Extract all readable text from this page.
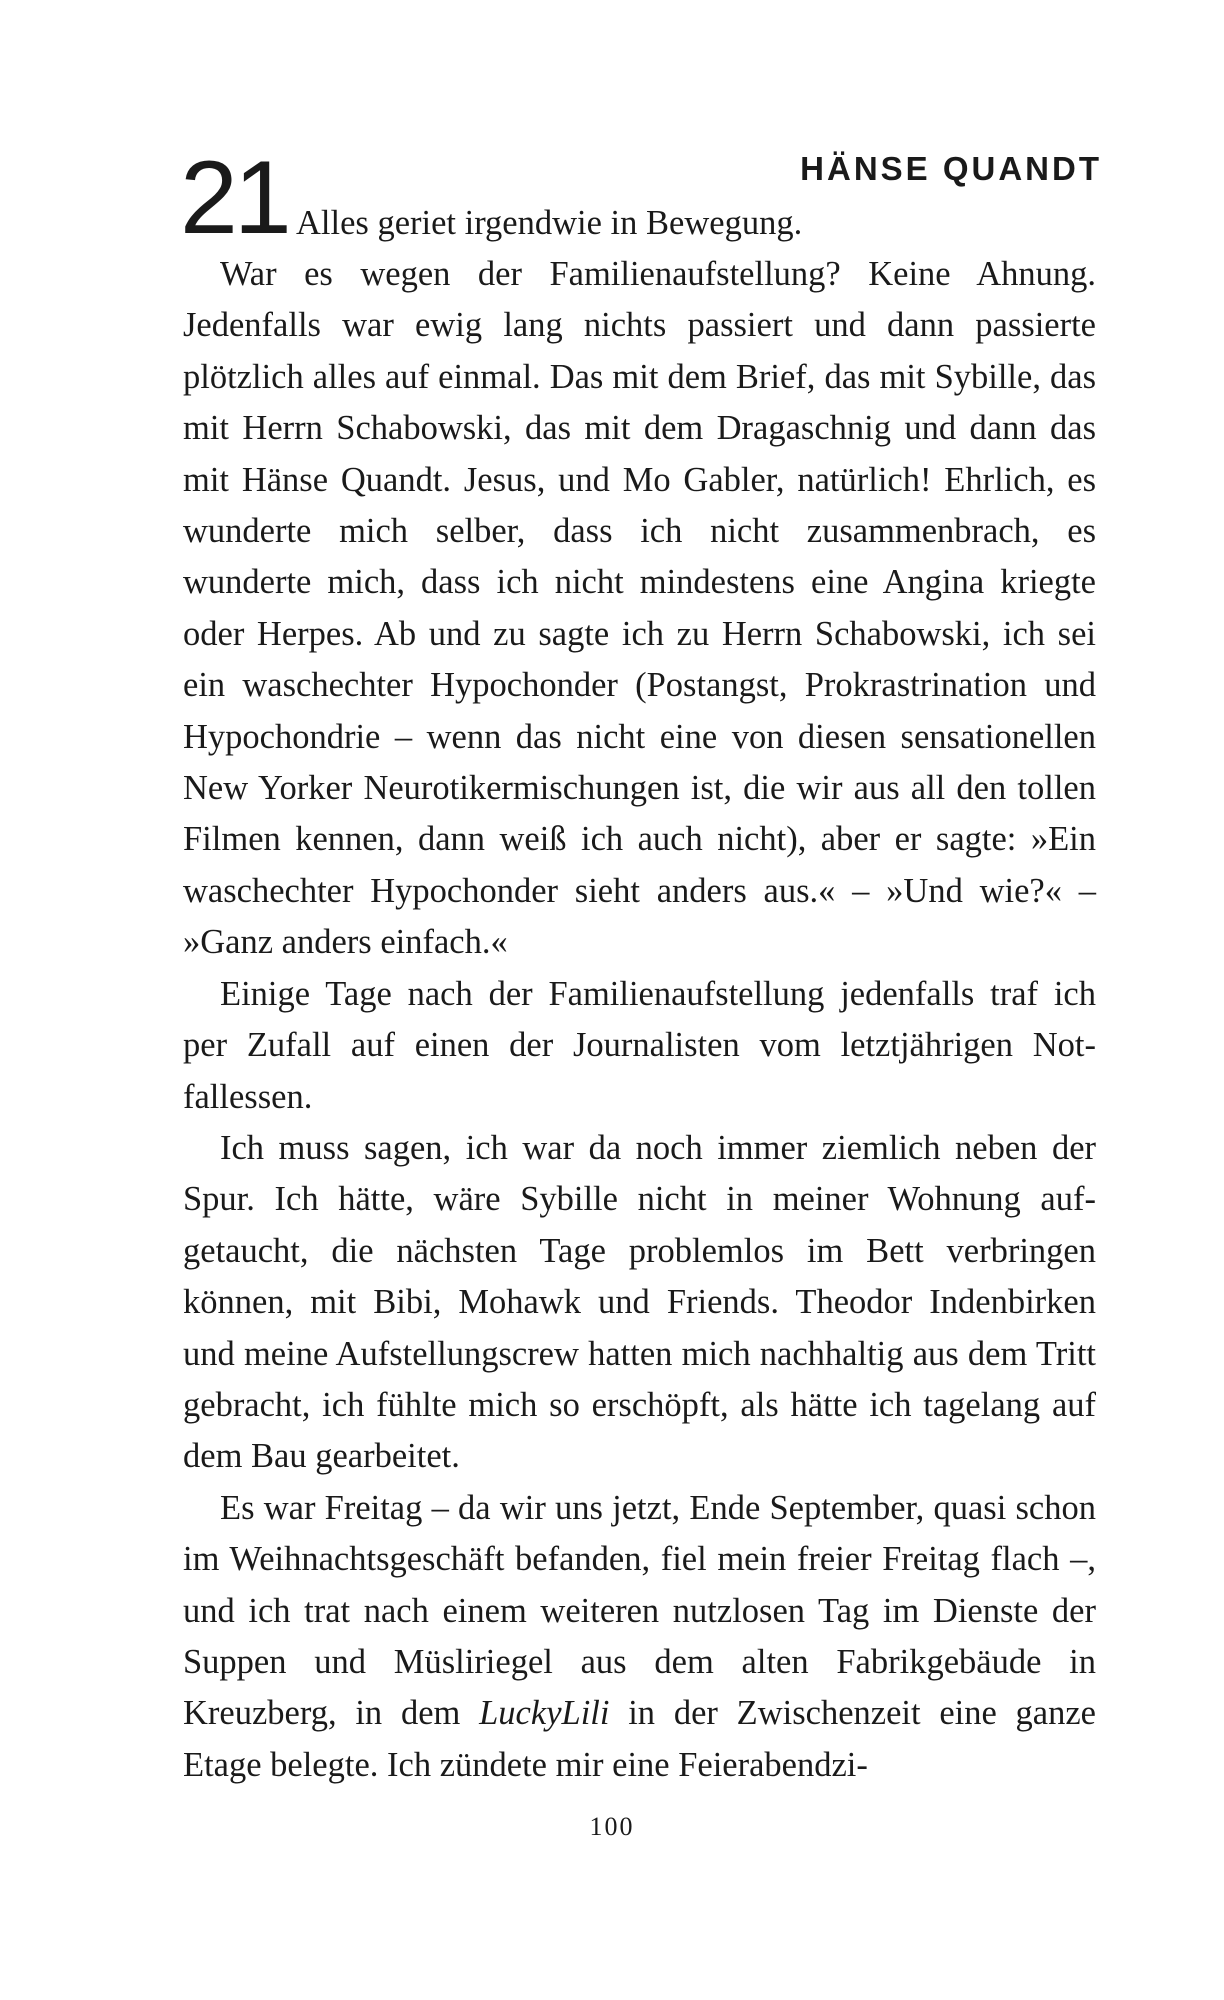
21	HÄNSE QUANDT
Alles geriet irgendwie in Bewegung.

War es wegen der Familienaufstellung? Keine Ahnung. Jedenfalls war ewig lang nichts passiert und dann passierte plötzlich alles auf einmal. Das mit dem Brief, das mit Sybille, das mit Herrn Schabowski, das mit dem Dragaschnig und dann das mit Hänse Quandt. Jesus, und Mo Gabler, natürlich! Ehrlich, es wunderte mich selber, dass ich nicht zusammenbrach, es wunderte mich, dass ich nicht mindestens eine Angina kriegte oder Herpes. Ab und zu sagte ich zu Herrn Schabowski, ich sei ein waschechter Hypochonder (Postangst, Prokrastrination und Hypochondrie – wenn das nicht eine von diesen sensationellen New Yorker Neurotikermischungen ist, die wir aus all den tollen Filmen kennen, dann weiß ich auch nicht), aber er sagte: »Ein waschechter Hypochonder sieht anders aus.« – »Und wie?« – »Ganz anders einfach.«

Einige Tage nach der Familienaufstellung jedenfalls traf ich per Zufall auf einen der Journalisten vom letztjährigen Notfallessen.

Ich muss sagen, ich war da noch immer ziemlich neben der Spur. Ich hätte, wäre Sybille nicht in meiner Wohnung aufgetaucht, die nächsten Tage problemlos im Bett verbringen können, mit Bibi, Mohawk und Friends. Theodor Indenbirken und meine Aufstellungscrew hatten mich nachhaltig aus dem Tritt gebracht, ich fühlte mich so erschöpft, als hätte ich tagelang auf dem Bau gearbeitet.

Es war Freitag – da wir uns jetzt, Ende September, quasi schon im Weihnachtsgeschäft befanden, fiel mein freier Freitag flach –, und ich trat nach einem weiteren nutzlosen Tag im Dienste der Suppen und Müsliriegel aus dem alten Fabrikgebäude in Kreuzberg, in dem LuckyLili in der Zwischenzeit eine ganze Etage belegte. Ich zündete mir eine Feierabendzi-

100
